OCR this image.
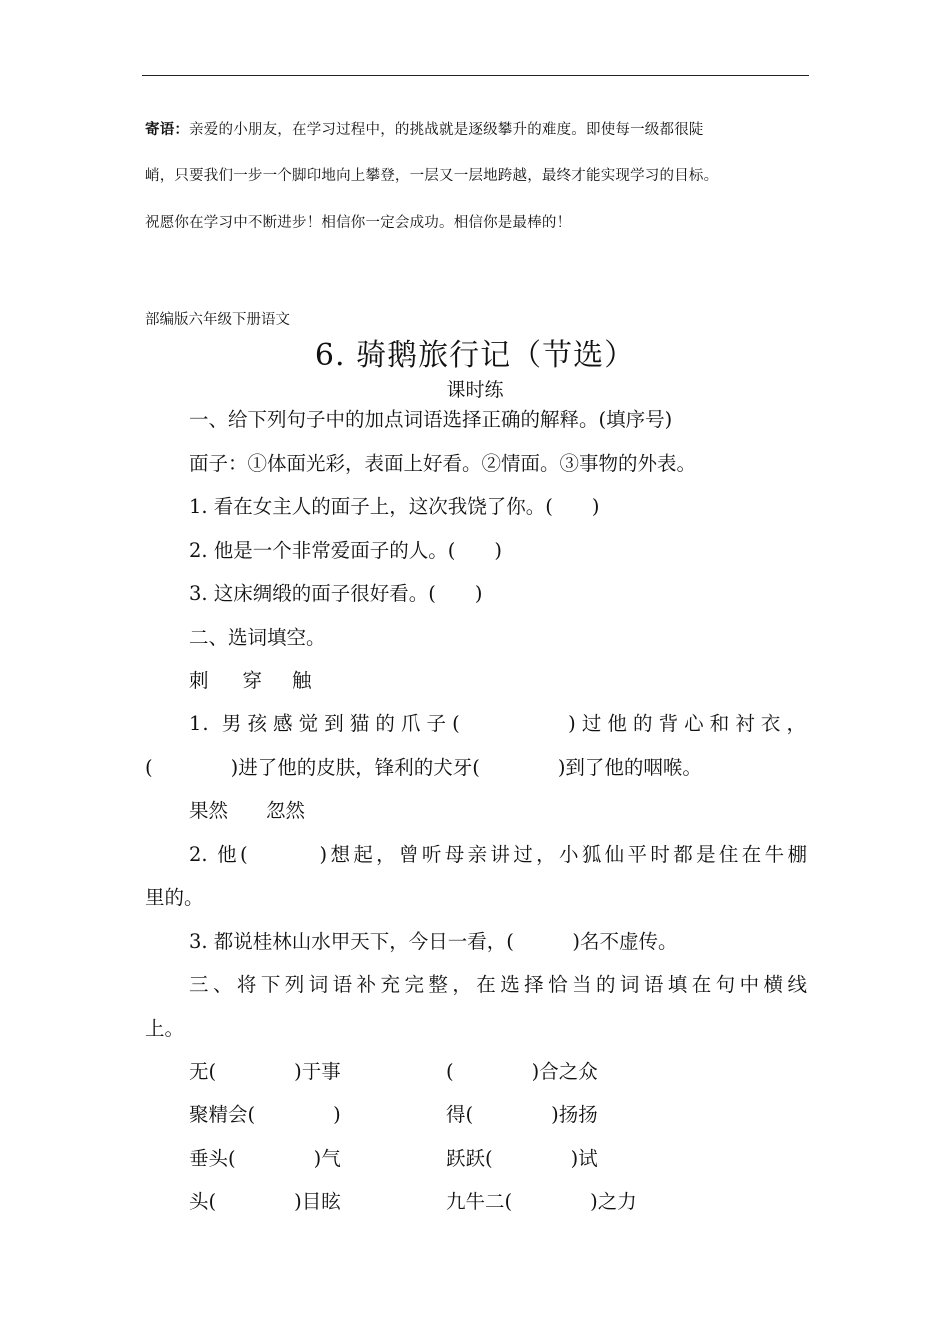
寄语：亲爱的小朋友，在学习过程中，的挑战就是逐级攀升的难度。即使每一级都很陡
峭，只要我们一步一个脚印地向上攀登，一层又一层地跨越，最终才能实现学习的目标。
祝愿你在学习中不断进步！相信你一定会成功。相信你是最棒的！
部编版六年级下册语文
6. 骑鹅旅行记（节选）
课时练
一、给下列句子中的加点词语选择正确的解释。(填序号)
面子：①体面光彩，表面上好看。②情面。③事物的外表。
1. 看在女主人的面子上，这次我饶了你。(　　)
2. 他是一个非常爱面子的人。(　　)
3. 这床绸缎的面子很好看。(　　)
二、选词填空。
刺 穿 触
1. 男孩感觉到猫的爪子(　　　　)过他的背心和衬衣，
(　　　　)进了他的皮肤，锋利的犬牙(　　　　)到了他的咽喉。
果然 忽然
2. 他(　　　)想起，曾听母亲讲过，小狐仙平时都是住在牛棚
里的。
3. 都说桂林山水甲天下，今日一看，(　　　)名不虚传。
三、将下列词语补充完整，在选择恰当的词语填在句中横线
上。
无(　　　　)于事	(　　　　)合之众
聚精会(　　　　)	得(　　　　)扬扬
垂头(　　　　)气	跃跃(　　　　)试
头(　　　　)目眩	九牛二(　　　　)之力
